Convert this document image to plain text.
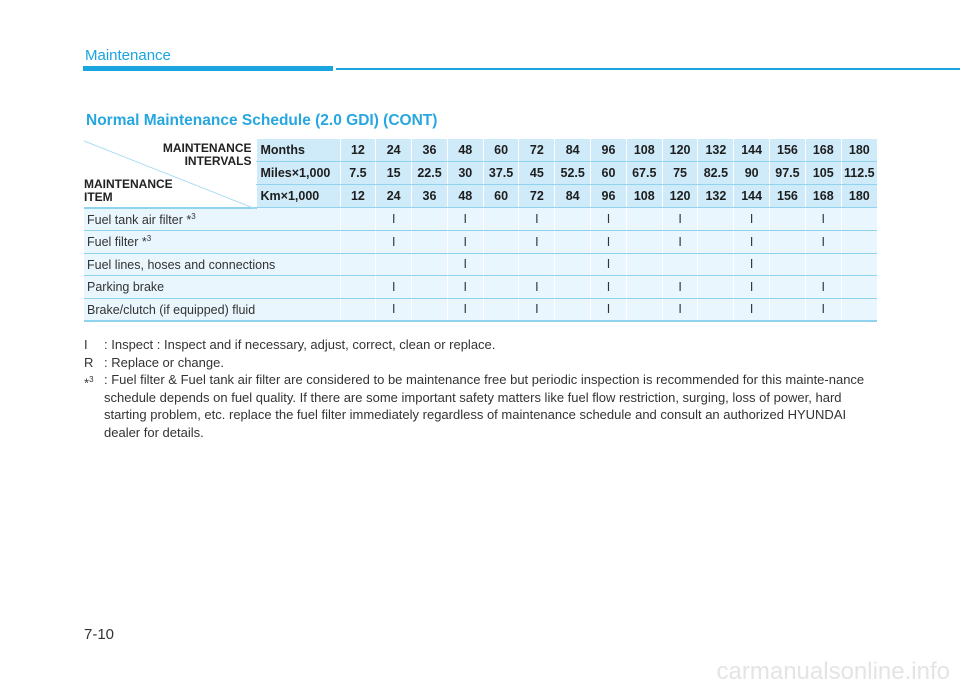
Maintenance
Normal Maintenance Schedule (2.0 GDI) (CONT)
MAINTENANCE
INTERVALS
MAINTENANCE
ITEM	Months	12	24	36	48	60	72	84	96	108	120	132	144	156	168	180
	Miles×1,000	7.5	15	22.5	30	37.5	45	52.5	60	67.5	75	82.5	90	97.5	105	112.5
	Km×1,000	12	24	36	48	60	72	84	96	108	120	132	144	156	168	180
Fuel tank air filter *$^3$			I		I		I		I		I		I		I	
Fuel filter *$^3$			I		I		I		I		I		I		I	
Fuel lines, hoses and connections					I				I				I			
Parking brake			I		I		I		I		I		I		I	
Brake/clutch (if equipped) fluid			I		I		I		I		I		I		I	
I : Inspect : Inspect and if necessary, adjust, correct, clean or replace.
R : Replace or change.
*$^3$ : Fuel filter & Fuel tank air filter are considered to be maintenance free but periodic inspection is recommended for this mainte-nance schedule depends on fuel quality. If there are some important safety matters like fuel flow restriction, surging, loss of power, hard starting problem, etc. replace the fuel filter immediately regardless of maintenance schedule and consult an authorized HYUNDAI dealer for details.
7-10
carmanualsonline.info
